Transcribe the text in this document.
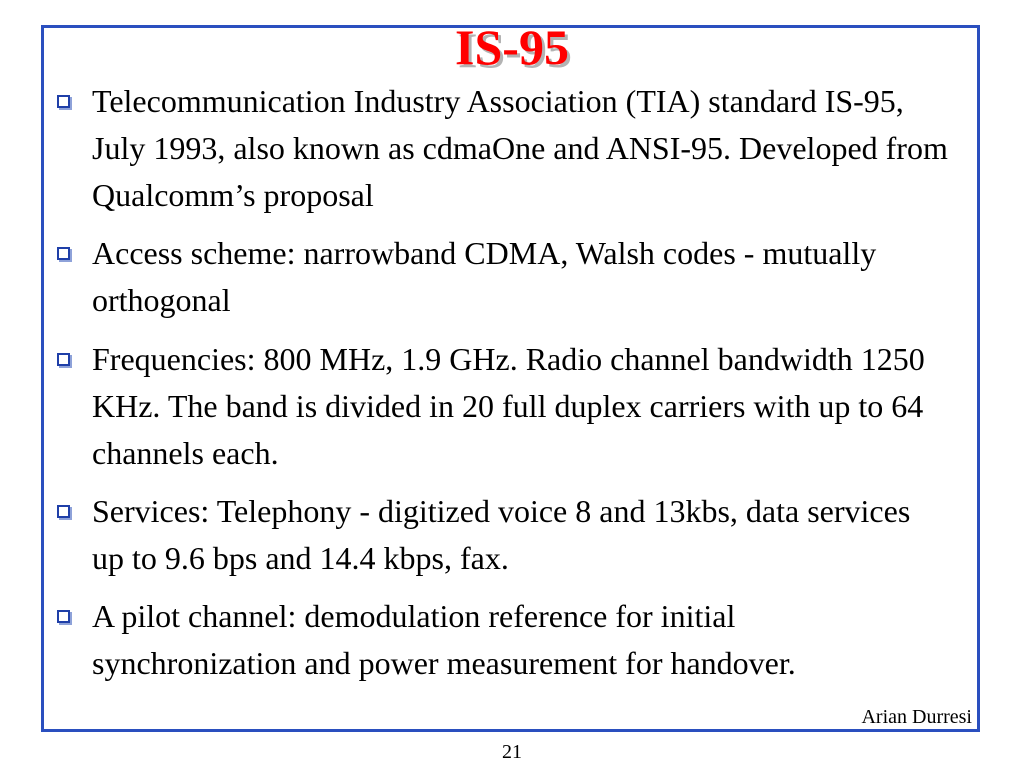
IS-95
Telecommunication Industry Association (TIA) standard IS-95, July 1993, also known as cdmaOne and ANSI-95. Developed from Qualcomm’s proposal
Access scheme: narrowband CDMA, Walsh codes - mutually orthogonal
Frequencies: 800 MHz, 1.9 GHz. Radio channel bandwidth 1250 KHz. The band is divided in 20 full duplex carriers with up to 64 channels each.
Services: Telephony - digitized voice 8 and 13kbs, data services up to 9.6 bps and 14.4 kbps, fax.
A pilot channel: demodulation reference for initial synchronization and power measurement for handover.
Arian Durresi
21
